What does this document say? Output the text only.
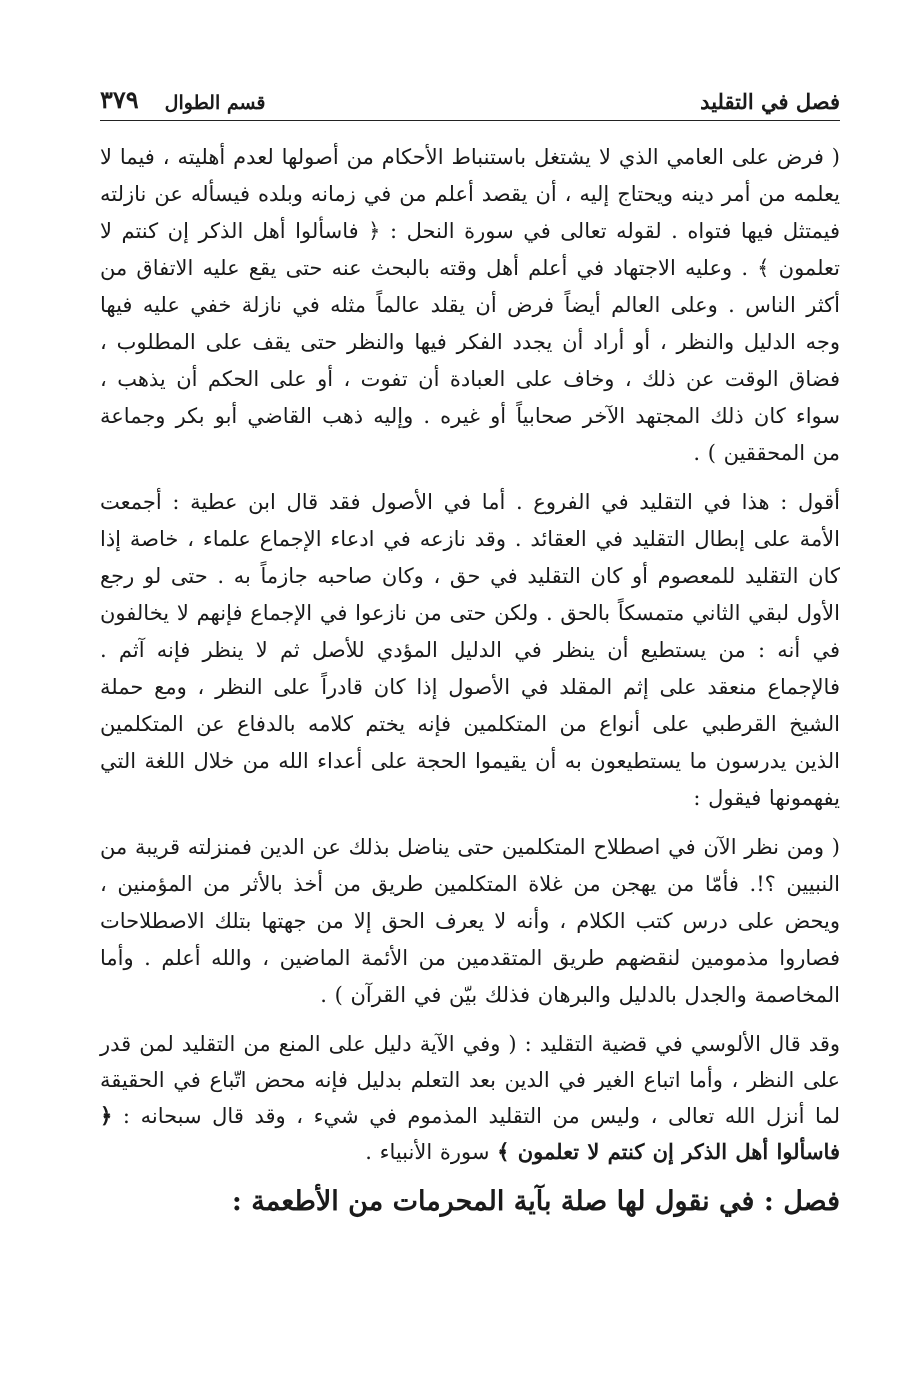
فصل في التقليد
قسم الطوال
٣٧٩

( فرض على العامي الذي لا يشتغل باستنباط الأحكام من أصولها لعدم أهليته ، فيما لا يعلمه من أمر دينه ويحتاج إليه ، أن يقصد أعلم من في زمانه وبلده فيسأله عن نازلته فيمتثل فيها فتواه . لقوله تعالى في سورة النحل : ﴿ فاسألوا أهل الذكر إن كنتم لا تعلمون ﴾ . وعليه الاجتهاد في أعلم أهل وقته بالبحث عنه حتى يقع عليه الاتفاق من أكثر الناس . وعلى العالم أيضاً فرض أن يقلد عالماً مثله في نازلة خفي عليه فيها وجه الدليل والنظر ، أو أراد أن يجدد الفكر فيها والنظر حتى يقف على المطلوب ، فضاق الوقت عن ذلك ، وخاف على العبادة أن تفوت ، أو على الحكم أن يذهب ، سواء كان ذلك المجتهد الآخر صحابياً أو غيره . وإليه ذهب القاضي أبو بكر وجماعة من المحققين ) .

أقول : هذا في التقليد في الفروع . أما في الأصول فقد قال ابن عطية : أجمعت الأمة على إبطال التقليد في العقائد . وقد نازعه في ادعاء الإجماع علماء ، خاصة إذا كان التقليد للمعصوم أو كان التقليد في حق ، وكان صاحبه جازماً به . حتى لو رجع الأول لبقي الثاني متمسكاً بالحق . ولكن حتى من نازعوا في الإجماع فإنهم لا يخالفون في أنه : من يستطيع أن ينظر في الدليل المؤدي للأصل ثم لا ينظر فإنه آثم . فالإجماع منعقد على إثم المقلد في الأصول إذا كان قادراً على النظر ، ومع حملة الشيخ القرطبي على أنواع من المتكلمين فإنه يختم كلامه بالدفاع عن المتكلمين الذين يدرسون ما يستطيعون به أن يقيموا الحجة على أعداء الله من خلال اللغة التي يفهمونها فيقول :

( ومن نظر الآن في اصطلاح المتكلمين حتى يناضل بذلك عن الدين فمنزلته قريبة من النبيين ؟!. فأمّا من يهجن من غلاة المتكلمين طريق من أخذ بالأثر من المؤمنين ، ويحض على درس كتب الكلام ، وأنه لا يعرف الحق إلا من جهتها بتلك الاصطلاحات فصاروا مذمومين لنقضهم طريق المتقدمين من الأئمة الماضين ، والله أعلم . وأما المخاصمة والجدل بالدليل والبرهان فذلك بيّن في القرآن ) .

وقد قال الألوسي في قضية التقليد : ( وفي الآية دليل على المنع من التقليد لمن قدر على النظر ، وأما اتباع الغير في الدين بعد التعلم بدليل فإنه محض اتّباع في الحقيقة لما أنزل الله تعالى ، وليس من التقليد المذموم في شيء ، وقد قال سبحانه : ﴿ فاسألوا أهل الذكر إن كنتم لا تعلمون ﴾ سورة الأنبياء .

فصل : في نقول لها صلة بآية المحرمات من الأطعمة :
